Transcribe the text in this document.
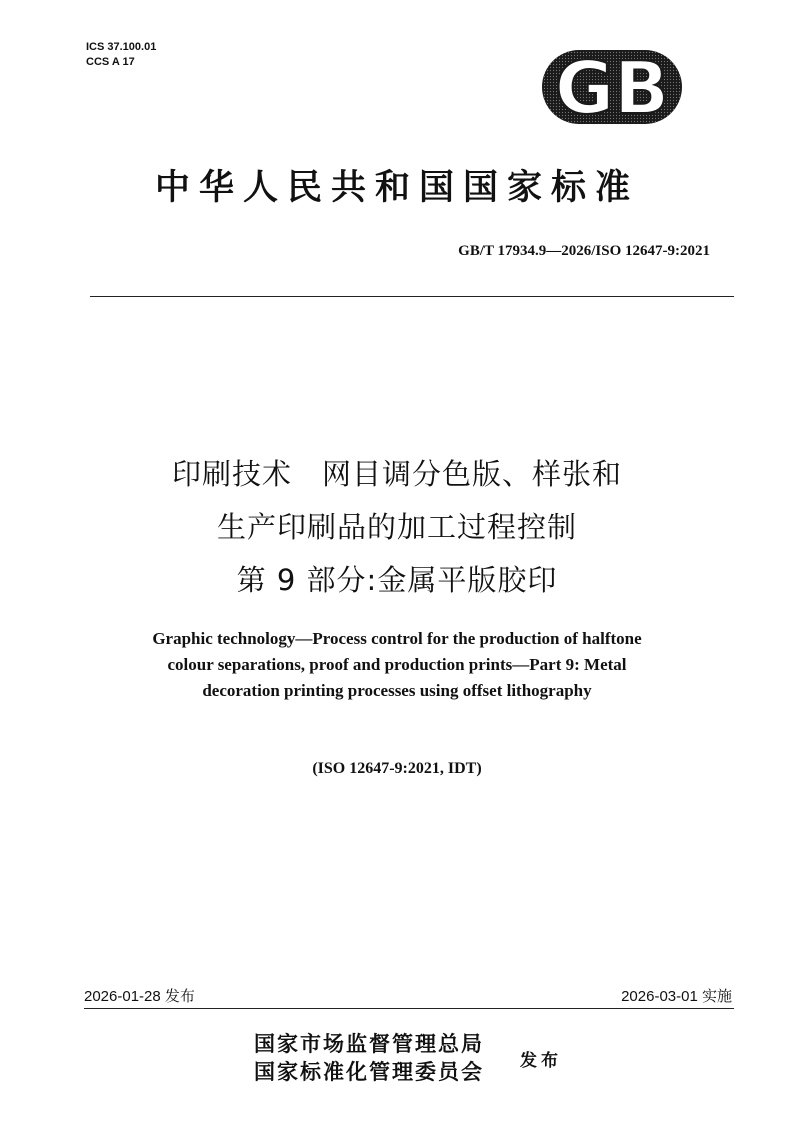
ICS 37.100.01
CCS A 17	GB
中华人民共和国国家标准
GB/T 17934.9—2026/ISO 12647-9:2021
印刷技术　网目调分色版、样张和
生产印刷品的加工过程控制
第 9 部分:金属平版胶印
Graphic technology—Process control for the production of halftone
colour separations, proof and production prints—Part 9: Metal
decoration printing processes using offset lithography
(ISO 12647-9:2021, IDT)
2026-01-28 发布	2026-03-01 实施
国家市场监督管理总局
国家标准化管理委员会 发布
